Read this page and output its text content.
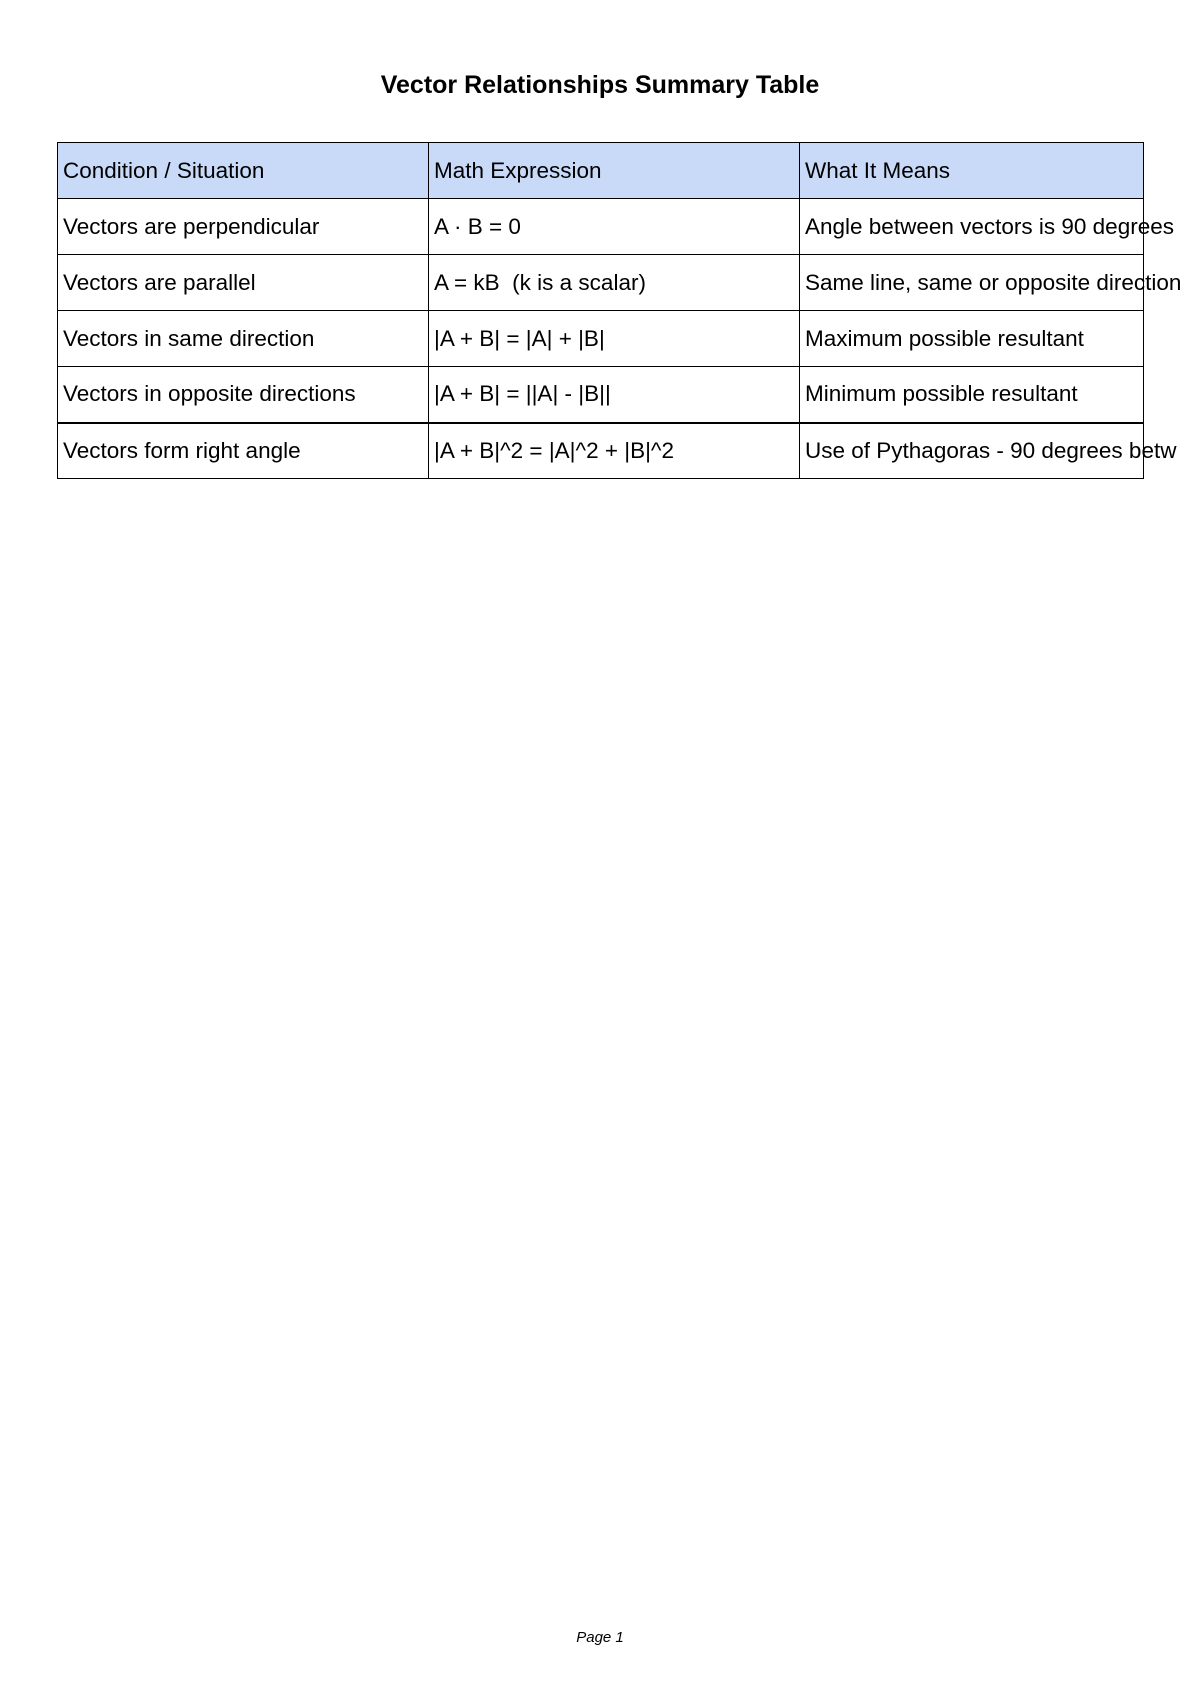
Vector Relationships Summary Table
Condition / Situation	Math Expression	What It Means
Vectors are perpendicular	A · B = 0	Angle between vectors is 90 degrees
Vectors are parallel	A = kB  (k is a scalar)	Same line, same or opposite direction
Vectors in same direction	|A + B| = |A| + |B|	Maximum possible resultant
Vectors in opposite directions	|A + B| = ||A| - |B||	Minimum possible resultant
Vectors form right angle	|A + B|^2 = |A|^2 + |B|^2	Use of Pythagoras - 90 degrees betw
Page 1
